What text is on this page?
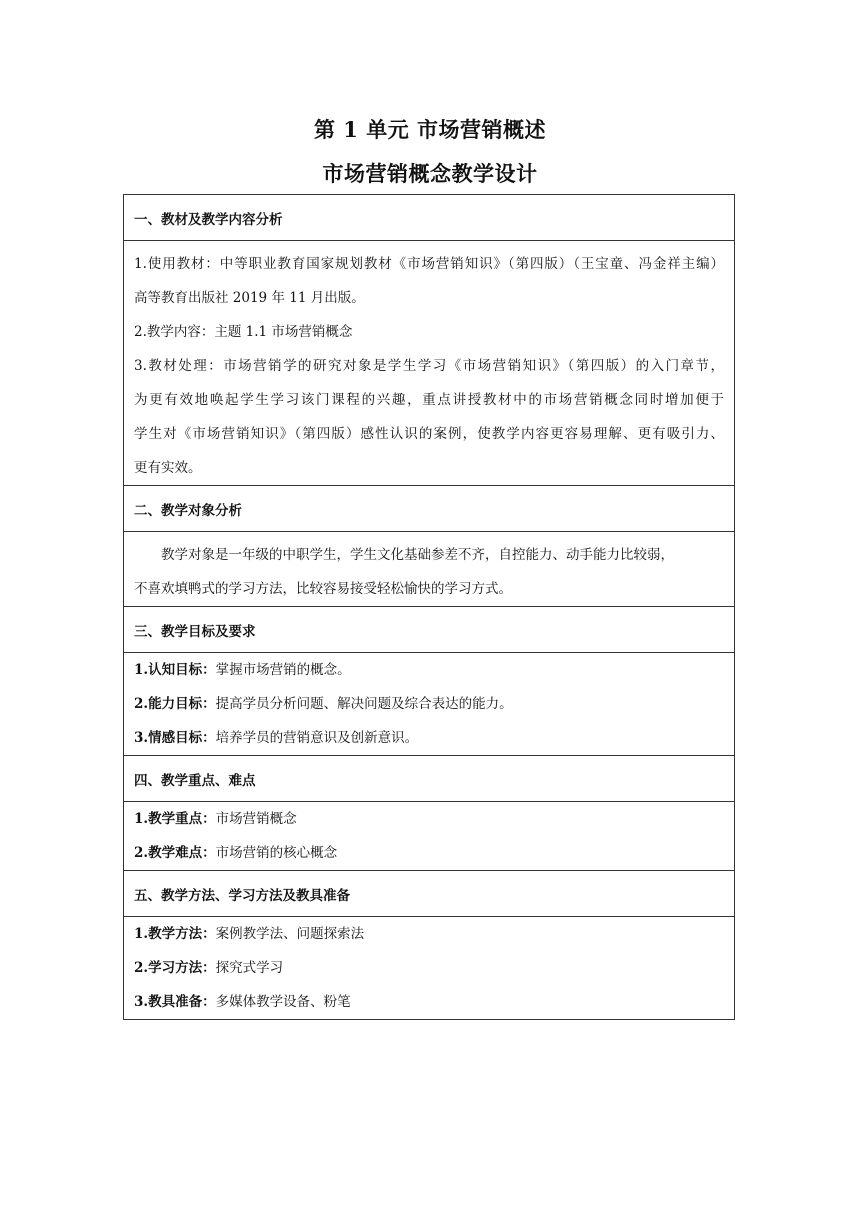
第 1 单元 市场营销概述
市场营销概念教学设计
一、教材及教学内容分析
1.使用教材：中等职业教育国家规划教材《市场营销知识》（第四版）（王宝童、冯金祥主编）
高等教育出版社 2019 年 11 月出版。
2.教学内容：主题 1.1 市场营销概念
3.教材处理：市场营销学的研究对象是学生学习《市场营销知识》（第四版）的入门章节，
为更有效地唤起学生学习该门课程的兴趣，重点讲授教材中的市场营销概念同时增加便于
学生对《市场营销知识》（第四版）感性认识的案例，使教学内容更容易理解、更有吸引力、
更有实效。
二、教学对象分析
教学对象是一年级的中职学生，学生文化基础参差不齐，自控能力、动手能力比较弱，
不喜欢填鸭式的学习方法，比较容易接受轻松愉快的学习方式。
三、教学目标及要求
1.认知目标：掌握市场营销的概念。
2.能力目标：提高学员分析问题、解决问题及综合表达的能力。
3.情感目标：培养学员的营销意识及创新意识。
四、教学重点、难点
1.教学重点：市场营销概念
2.教学难点：市场营销的核心概念
五、教学方法、学习方法及教具准备
1.教学方法：案例教学法、问题探索法
2.学习方法：探究式学习
3.教具准备：多媒体教学设备、粉笔
